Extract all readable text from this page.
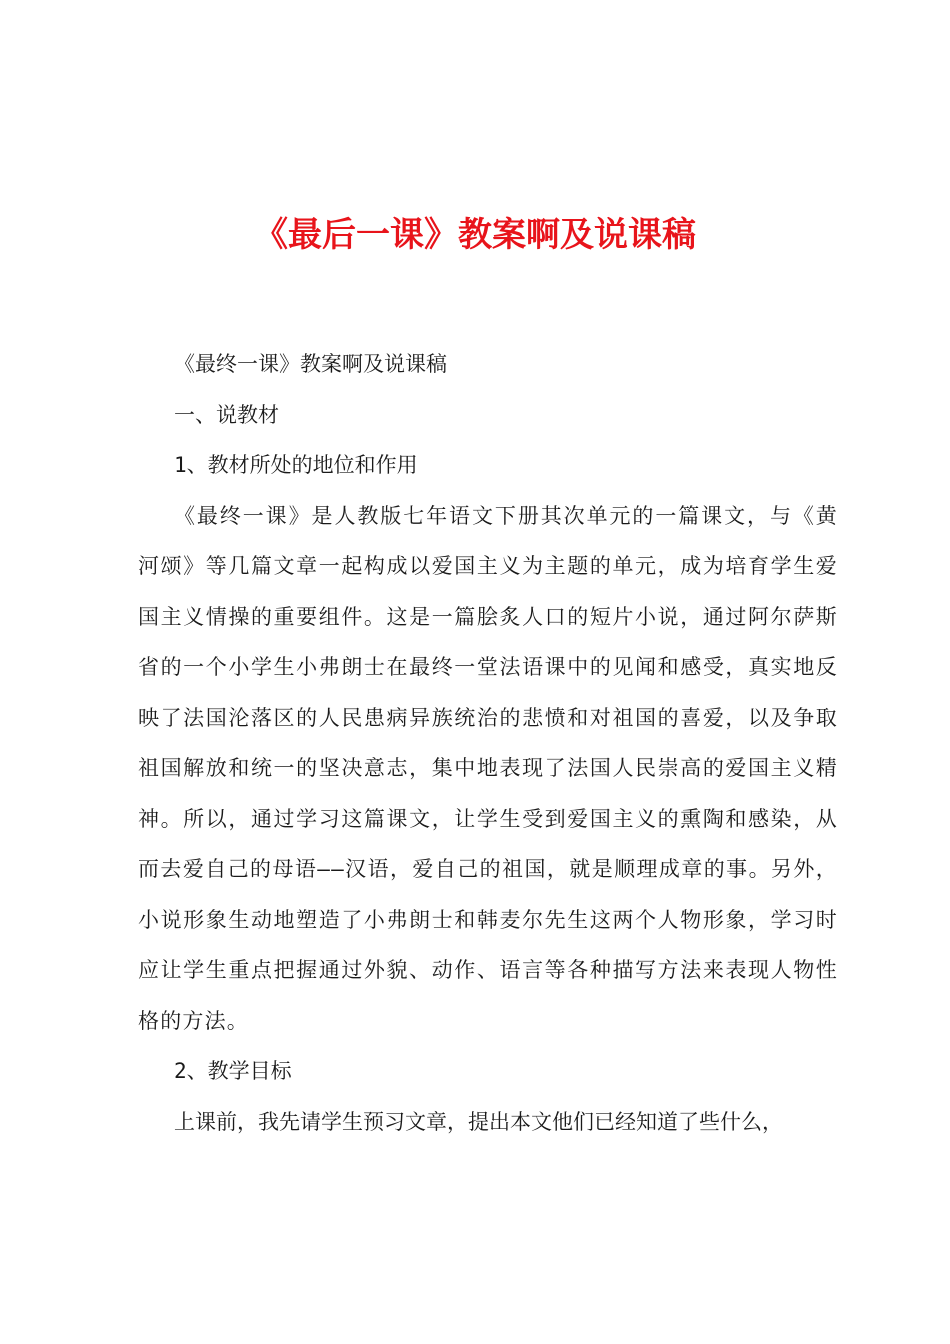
《最后一课》教案啊及说课稿

《最终一课》教案啊及说课稿

一、说教材

1、教材所处的地位和作用

《最终一课》是人教版七年语文下册其次单元的一篇课文，与《黄河颂》等几篇文章一起构成以爱国主义为主题的单元，成为培育学生爱国主义情操的重要组件。这是一篇脍炙人口的短片小说，通过阿尔萨斯省的一个小学生小弗朗士在最终一堂法语课中的见闻和感受，真实地反映了法国沦落区的人民患病异族统治的悲愤和对祖国的喜爱，以及争取祖国解放和统一的坚决意志，集中地表现了法国人民崇高的爱国主义精神。所以，通过学习这篇课文，让学生受到爱国主义的熏陶和感染，从而去爱自己的母语——汉语，爱自己的祖国，就是顺理成章的事。另外，小说形象生动地塑造了小弗朗士和韩麦尔先生这两个人物形象，学习时应让学生重点把握通过外貌、动作、语言等各种描写方法来表现人物性格的方法。

2、教学目标

上课前，我先请学生预习文章，提出本文他们已经知道了些什么，
